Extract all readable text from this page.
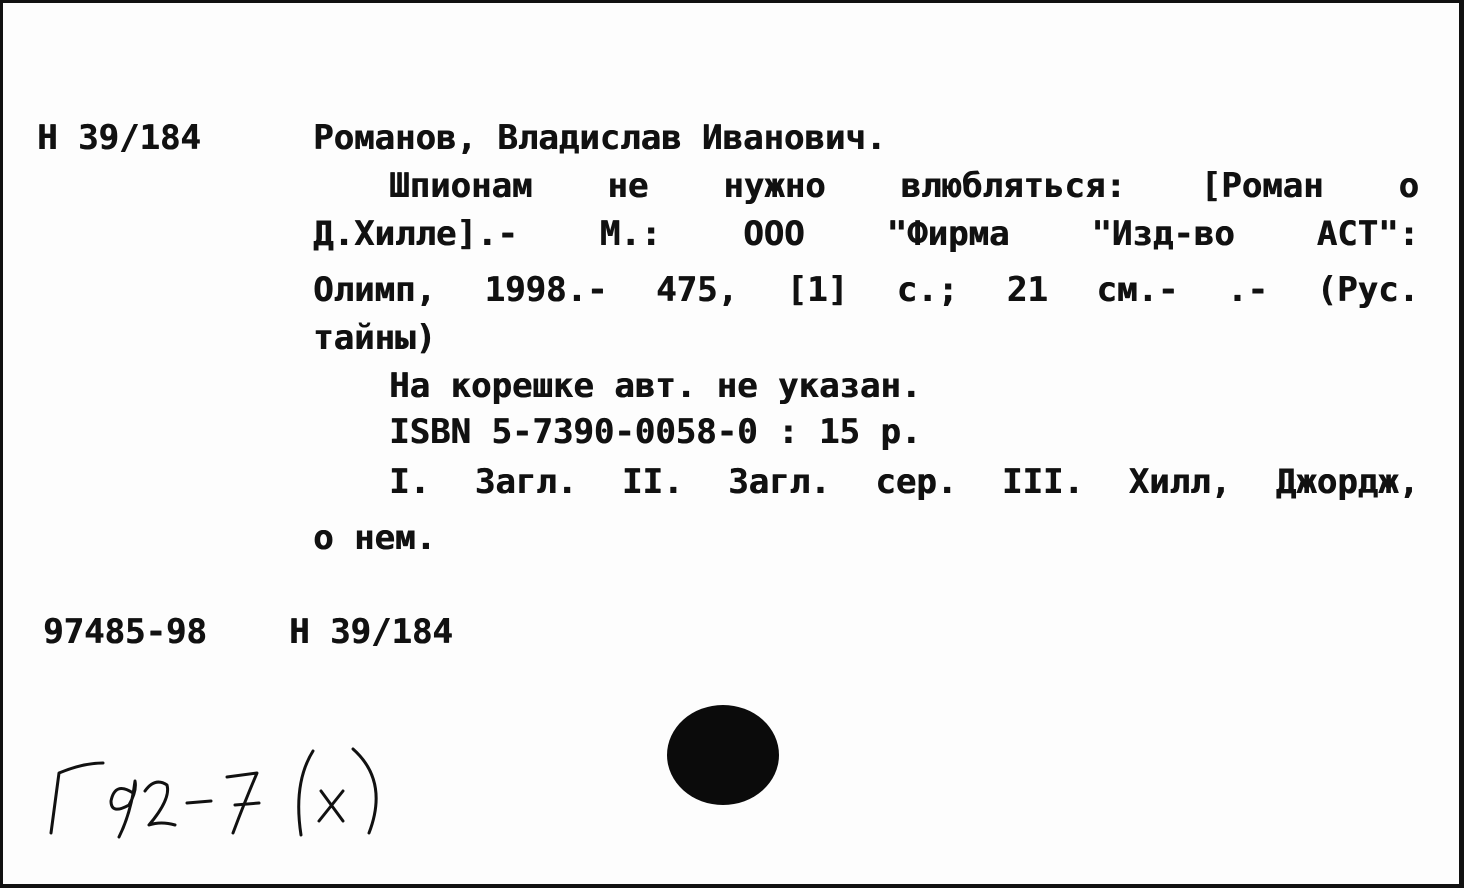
Н 39/184	Романов, Владислав Иванович.
Шпионам не нужно влюбляться: [Роман о
Д.Хилле].- М.: ООО "Фирма "Изд-во АСТ":
Олимп, 1998.- 475, [1] с.; 21 см.- .- (Рус.
тайны)
На корешке авт. не указан.
ISBN 5-7390-0058-0 : 15 р.
I. Загл. II. Загл. сер. III. Хилл, Джордж,
о нем.
97485-98 Н 39/184
